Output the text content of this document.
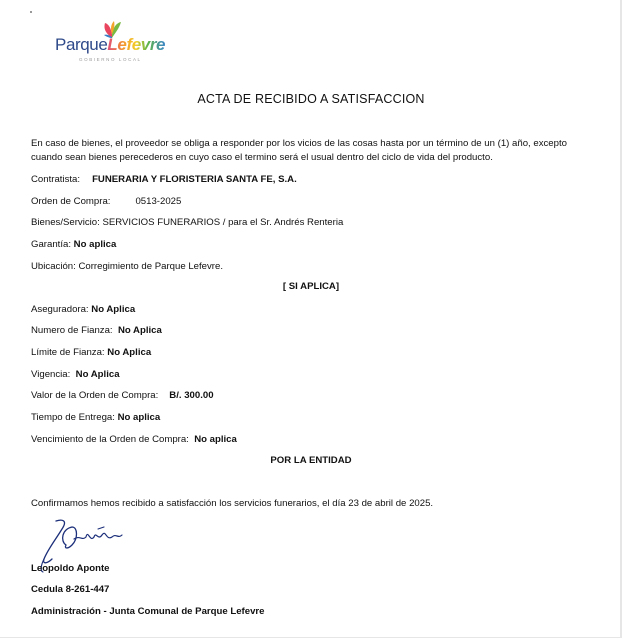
ParqueLefevre
GOBIERNO LOCAL
ACTA DE RECIBIDO A SATISFACCION
En caso de bienes, el proveedor se obliga a responder por los vicios de las cosas hasta por un término de un (1) año, excepto cuando sean bienes perecederos en cuyo caso el termino será el usual dentro del ciclo de vida del producto.
Contratista: FUNERARIA Y FLORISTERIA SANTA FE, S.A.
Orden de Compra:	0513-2025
Bienes/Servicio: SERVICIOS FUNERARIOS / para el Sr. Andrés Renteria
Garantía: No aplica
Ubicación: Corregimiento de Parque Lefevre.
[ SI APLICA]
Aseguradora: No Aplica
Numero de Fianza: No Aplica
Límite de Fianza: No Aplica
Vigencia: No Aplica
Valor de la Orden de Compra: B/. 300.00
Tiempo de Entrega: No aplica
Vencimiento de la Orden de Compra: No aplica
POR LA ENTIDAD
Confirmamos hemos recibido a satisfacción los servicios funerarios, el día 23 de abril de 2025.
Leopoldo Aponte
Cedula 8-261-447
Administración - Junta Comunal de Parque Lefevre
